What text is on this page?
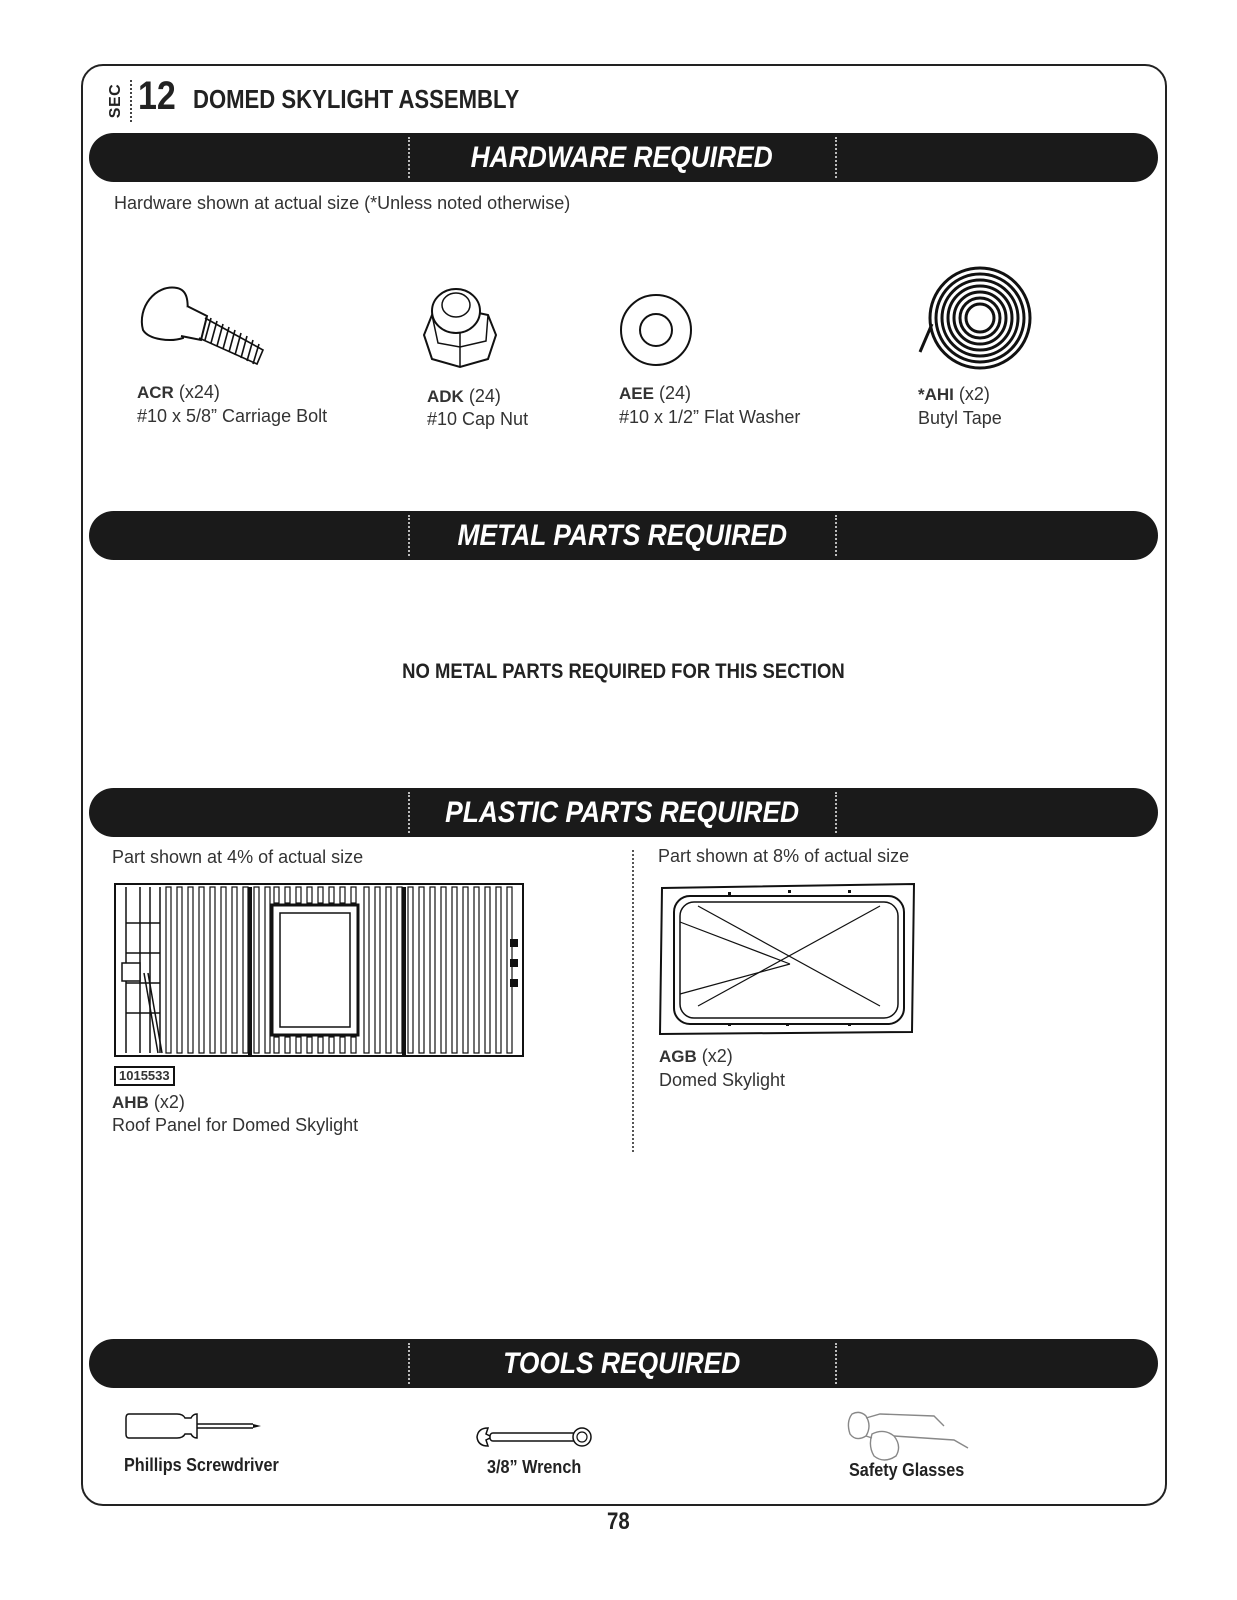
SEC 12 DOMED SKYLIGHT ASSEMBLY
HARDWARE REQUIRED
Hardware shown at actual size (*Unless noted otherwise)
ACR (x24)
#10 x 5/8” Carriage Bolt
ADK (24)
#10 Cap Nut
AEE (24)
#10 x 1/2” Flat Washer
*AHI (x2)
Butyl Tape
METAL PARTS REQUIRED
NO METAL PARTS REQUIRED FOR THIS SECTION
PLASTIC PARTS REQUIRED
Part shown at 4% of actual size	Part shown at 8% of actual size
1015533
AHB (x2)
Roof Panel for Domed Skylight
AGB (x2)
Domed Skylight
TOOLS REQUIRED
Phillips Screwdriver	3/8” Wrench	Safety Glasses
78
